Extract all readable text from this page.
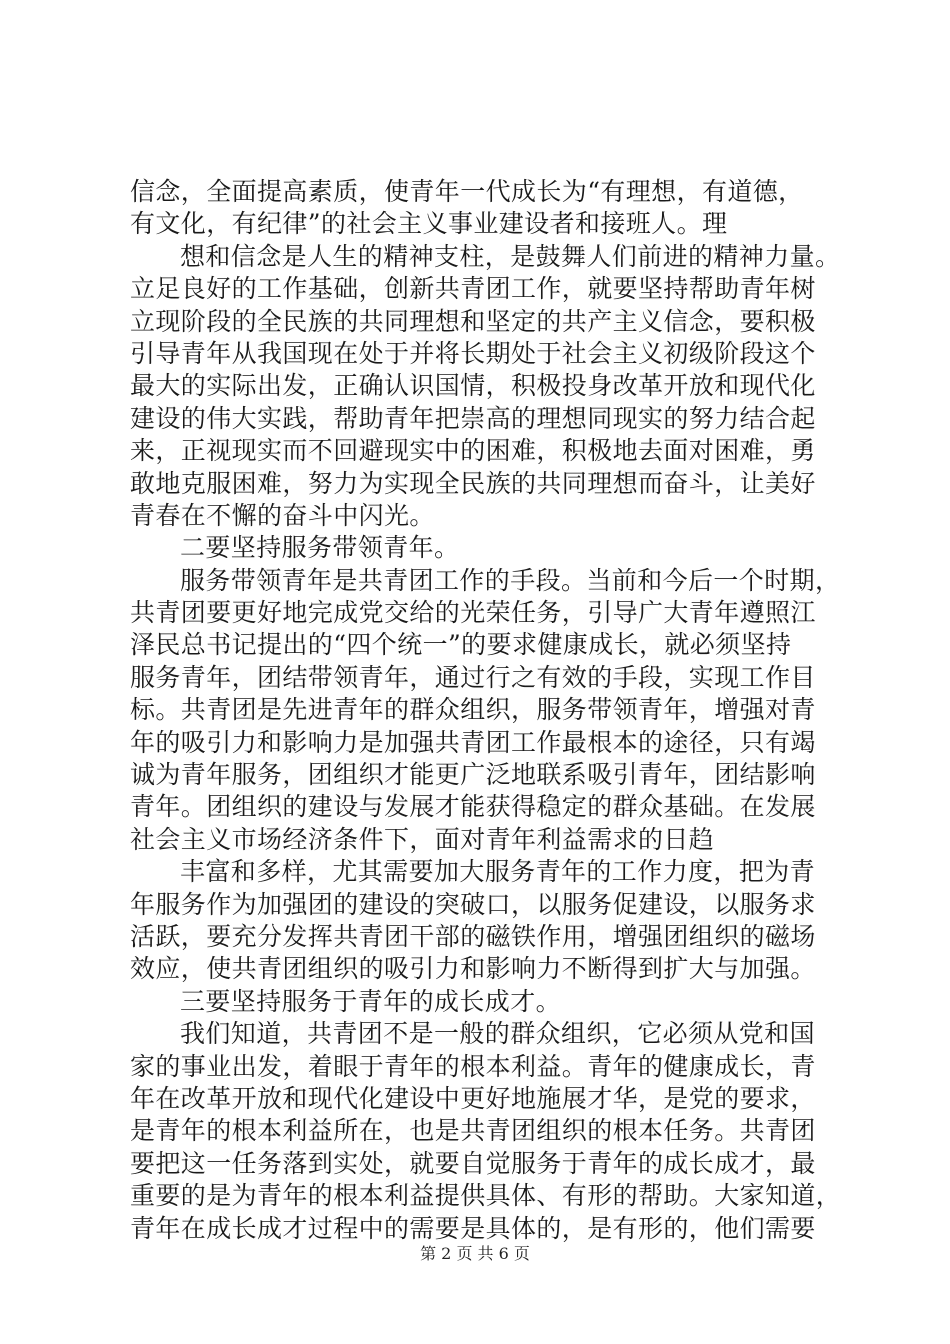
信念，全面提高素质，使青年一代成长为“有理想，有道德，
有文化，有纪律”的社会主义事业建设者和接班人。理
想和信念是人生的精神支柱，是鼓舞人们前进的精神力量。
立足良好的工作基础，创新共青团工作，就要坚持帮助青年树
立现阶段的全民族的共同理想和坚定的共产主义信念，要积极
引导青年从我国现在处于并将长期处于社会主义初级阶段这个
最大的实际出发，正确认识国情，积极投身改革开放和现代化
建设的伟大实践，帮助青年把崇高的理想同现实的努力结合起
来，正视现实而不回避现实中的困难，积极地去面对困难，勇
敢地克服困难，努力为实现全民族的共同理想而奋斗，让美好
青春在不懈的奋斗中闪光。
二要坚持服务带领青年。
服务带领青年是共青团工作的手段。当前和今后一个时期，
共青团要更好地完成党交给的光荣任务，引导广大青年遵照江
泽民总书记提出的“四个统一”的要求健康成长，就必须坚持
服务青年，团结带领青年，通过行之有效的手段，实现工作目
标。共青团是先进青年的群众组织，服务带领青年，增强对青
年的吸引力和影响力是加强共青团工作最根本的途径，只有竭
诚为青年服务，团组织才能更广泛地联系吸引青年，团结影响
青年。团组织的建设与发展才能获得稳定的群众基础。在发展
社会主义市场经济条件下，面对青年利益需求的日趋
丰富和多样，尤其需要加大服务青年的工作力度，把为青
年服务作为加强团的建设的突破口，以服务促建设，以服务求
活跃，要充分发挥共青团干部的磁铁作用，增强团组织的磁场
效应，使共青团组织的吸引力和影响力不断得到扩大与加强。
三要坚持服务于青年的成长成才。
我们知道，共青团不是一般的群众组织，它必须从党和国
家的事业出发，着眼于青年的根本利益。青年的健康成长，青
年在改革开放和现代化建设中更好地施展才华，是党的要求，
是青年的根本利益所在，也是共青团组织的根本任务。共青团
要把这一任务落到实处，就要自觉服务于青年的成长成才，最
重要的是为青年的根本利益提供具体、有形的帮助。大家知道，
青年在成长成才过程中的需要是具体的，是有形的，他们需要
第 2 页 共 6 页
